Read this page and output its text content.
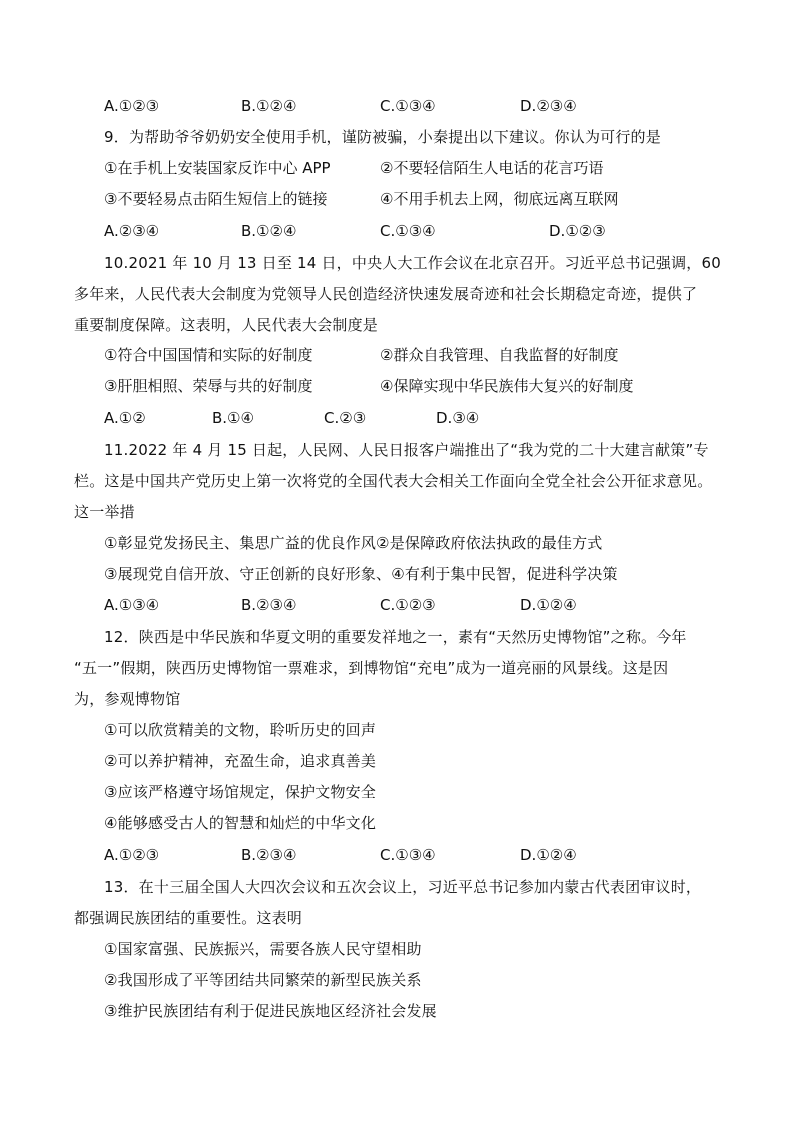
A.①②③	B.①②④	C.①③④	D.②③④
9．为帮助爷爷奶奶安全使用手机，谨防被骗，小秦提出以下建议。你认为可行的是
①在手机上安装国家反诈中心 APP	②不要轻信陌生人电话的花言巧语
③不要轻易点击陌生短信上的链接	④不用手机去上网，彻底远离互联网
A.②③④	B.①②④	C.①③④	D.①②③
10.2021 年 10 月 13 日至 14 日，中央人大工作会议在北京召开。习近平总书记强调，60
多年来，人民代表大会制度为党领导人民创造经济快速发展奇迹和社会长期稳定奇迹，提供了
重要制度保障。这表明，人民代表大会制度是
①符合中国国情和实际的好制度	②群众自我管理、自我监督的好制度
③肝胆相照、荣辱与共的好制度	④保障实现中华民族伟大复兴的好制度
A.①②	B.①④	C.②③	D.③④
11.2022 年 4 月 15 日起，人民网、人民日报客户端推出了“我为党的二十大建言献策”专
栏。这是中国共产党历史上第一次将党的全国代表大会相关工作面向全党全社会公开征求意见。
这一举措
①彰显党发扬民主、集思广益的优良作风②是保障政府依法执政的最佳方式
③展现党自信开放、守正创新的良好形象、④有利于集中民智，促进科学决策
A.①③④	B.②③④	C.①②③	D.①②④
12．陕西是中华民族和华夏文明的重要发祥地之一，素有“天然历史博物馆”之称。今年
“五一”假期，陕西历史博物馆一票难求，到博物馆“充电”成为一道亮丽的风景线。这是因
为，参观博物馆
①可以欣赏精美的文物，聆听历史的回声
②可以养护精神，充盈生命，追求真善美
③应该严格遵守场馆规定，保护文物安全
④能够感受古人的智慧和灿烂的中华文化
A.①②③	B.②③④	C.①③④	D.①②④
13．在十三届全国人大四次会议和五次会议上，习近平总书记参加内蒙古代表团审议时，
都强调民族团结的重要性。这表明
①国家富强、民族振兴，需要各族人民守望相助
②我国形成了平等团结共同繁荣的新型民族关系
③维护民族团结有利于促进民族地区经济社会发展
